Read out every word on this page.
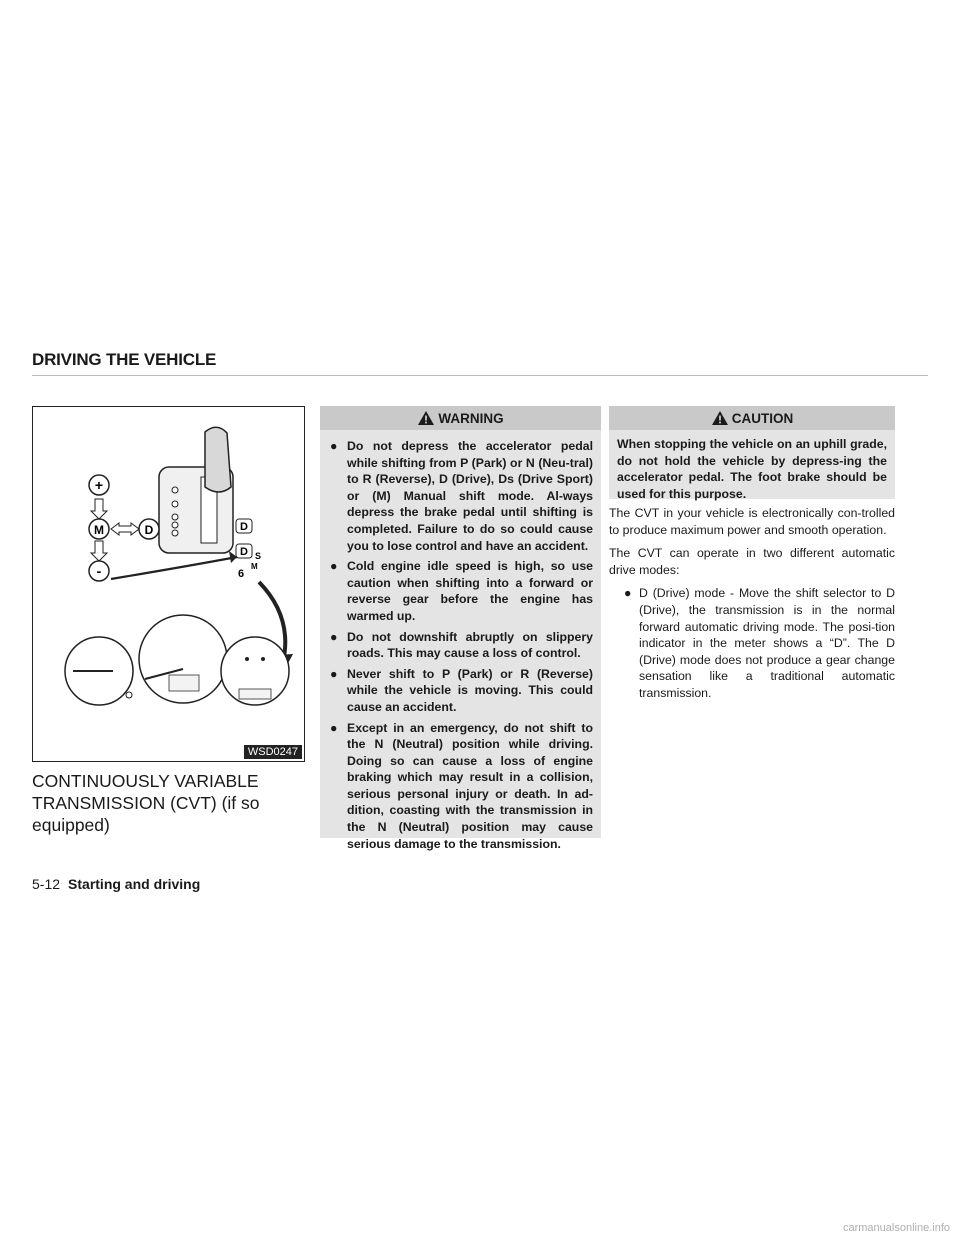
DRIVING THE VEHICLE
+
M	D
-
D
D S
6
M
WSD0247
CONTINUOUSLY VARIABLE TRANSMISSION (CVT) (if so equipped)
WARNING
● Do not depress the accelerator pedal while shifting from P (Park) or N (Neu-tral) to R (Reverse), D (Drive), Ds (Drive Sport) or (M) Manual shift mode. Al-ways depress the brake pedal until shifting is completed. Failure to do so could cause you to lose control and have an accident.
● Cold engine idle speed is high, so use caution when shifting into a forward or reverse gear before the engine has warmed up.
● Do not downshift abruptly on slippery roads. This may cause a loss of control.
● Never shift to P (Park) or R (Reverse) while the vehicle is moving. This could cause an accident.
● Except in an emergency, do not shift to the N (Neutral) position while driving. Doing so can cause a loss of engine braking which may result in a collision, serious personal injury or death. In ad-dition, coasting with the transmission in the N (Neutral) position may cause serious damage to the transmission.
CAUTION
When stopping the vehicle on an uphill grade, do not hold the vehicle by depress-ing the accelerator pedal. The foot brake should be used for this purpose.

The CVT in your vehicle is electronically con-trolled to produce maximum power and smooth operation.

The CVT can operate in two different automatic drive modes:

● D (Drive) mode - Move the shift selector to D (Drive), the transmission is in the normal forward automatic driving mode. The posi-tion indicator in the meter shows a “D”. The D (Drive) mode does not produce a gear change sensation like a traditional automatic transmission.
5-12 Starting and driving
carmanualsonline.info
